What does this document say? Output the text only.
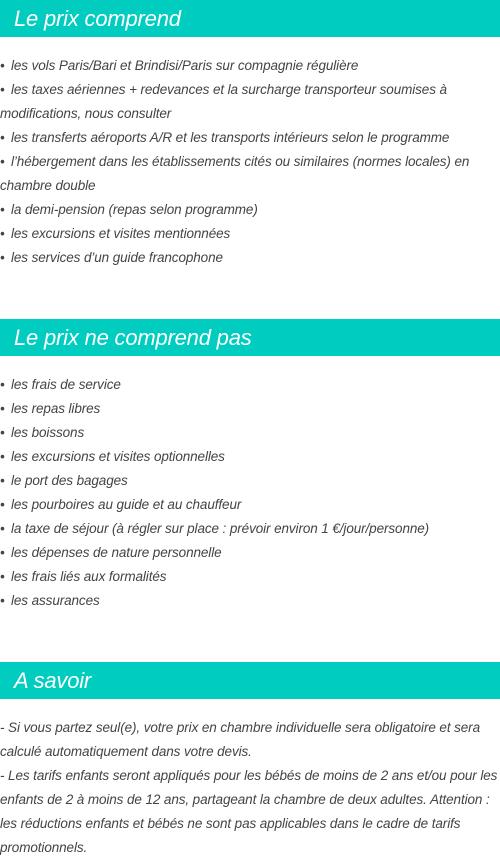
Le prix comprend
• les vols Paris/Bari et Brindisi/Paris sur compagnie régulière
• les taxes aériennes + redevances et la surcharge transporteur soumises à modifications, nous consulter
• les transferts aéroports A/R et les transports intérieurs selon le programme
• l’hébergement dans les établissements cités ou similaires (normes locales) en chambre double
• la demi-pension (repas selon programme)
• les excursions et visites mentionnées
• les services d’un guide francophone
Le prix ne comprend pas
• les frais de service
• les repas libres
• les boissons
• les excursions et visites optionnelles
• le port des bagages
• les pourboires au guide et au chauffeur
• la taxe de séjour (à régler sur place : prévoir environ 1 €/jour/personne)
• les dépenses de nature personnelle
• les frais liés aux formalités
• les assurances
A savoir
- Si vous partez seul(e), votre prix en chambre individuelle sera obligatoire et sera calculé automatiquement dans votre devis.
- Les tarifs enfants seront appliqués pour les bébés de moins de 2 ans et/ou pour les enfants de 2 à moins de 12 ans, partageant la chambre de deux adultes. Attention : les réductions enfants et bébés ne sont pas applicables dans le cadre de tarifs promotionnels.
